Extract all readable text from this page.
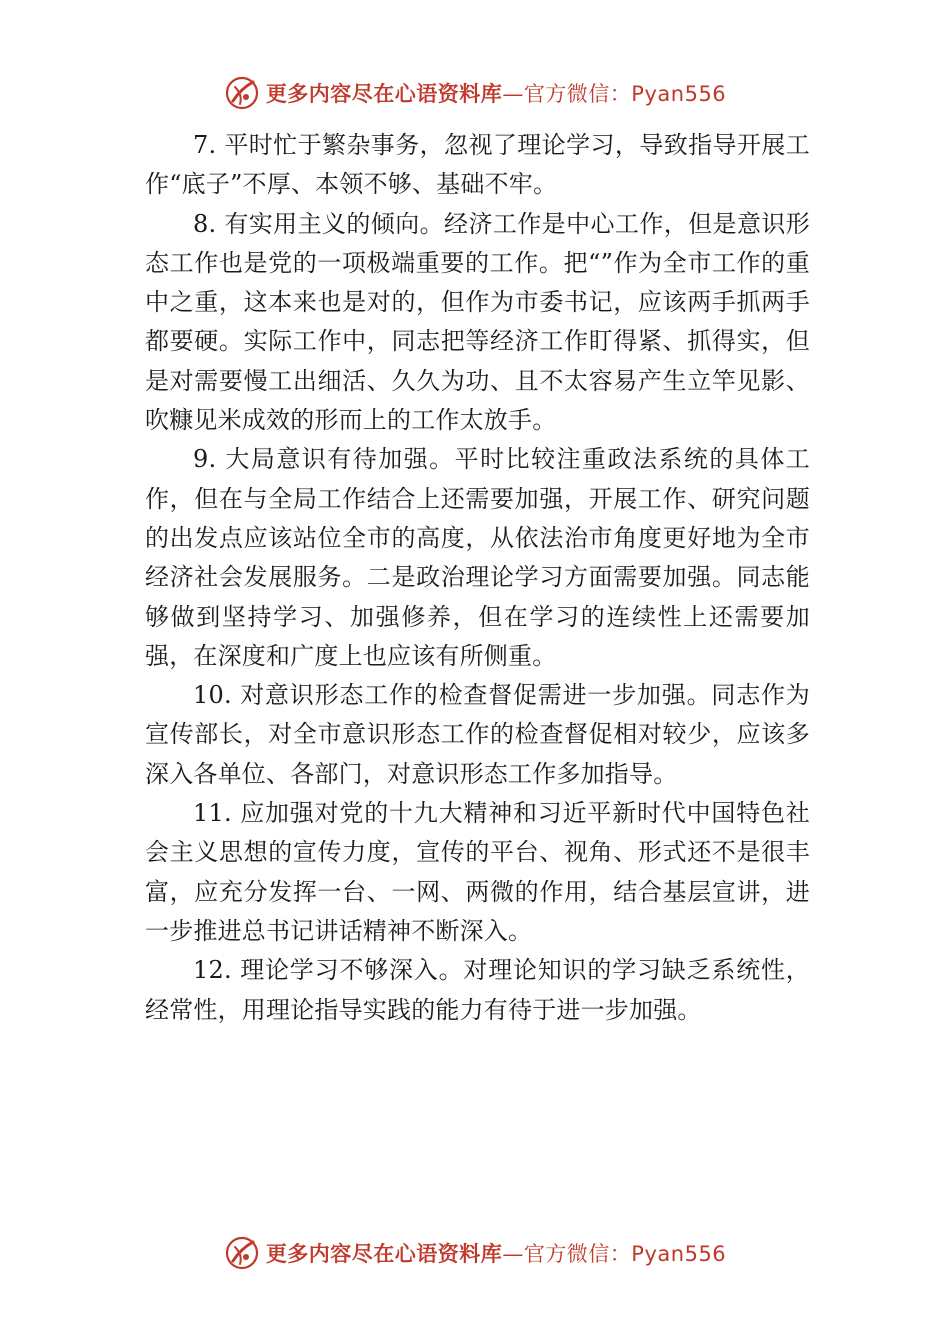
更多内容尽在心语资料库—官方微信：Pyan556

7. 平时忙于繁杂事务，忽视了理论学习，导致指导开展工作“底子”不厚、本领不够、基础不牢。

8. 有实用主义的倾向。经济工作是中心工作，但是意识形态工作也是党的一项极端重要的工作。把“”作为全市工作的重中之重，这本来也是对的，但作为市委书记，应该两手抓两手都要硬。实际工作中，同志把等经济工作盯得紧、抓得实，但是对需要慢工出细活、久久为功、且不太容易产生立竿见影、吹糠见米成效的形而上的工作太放手。

9. 大局意识有待加强。平时比较注重政法系统的具体工作，但在与全局工作结合上还需要加强，开展工作、研究问题的出发点应该站位全市的高度，从依法治市角度更好地为全市经济社会发展服务。二是政治理论学习方面需要加强。同志能够做到坚持学习、加强修养，但在学习的连续性上还需要加强，在深度和广度上也应该有所侧重。

10. 对意识形态工作的检查督促需进一步加强。同志作为宣传部长，对全市意识形态工作的检查督促相对较少，应该多深入各单位、各部门，对意识形态工作多加指导。

11. 应加强对党的十九大精神和习近平新时代中国特色社会主义思想的宣传力度，宣传的平台、视角、形式还不是很丰富，应充分发挥一台、一网、两微的作用，结合基层宣讲，进一步推进总书记讲话精神不断深入。

12. 理论学习不够深入。对理论知识的学习缺乏系统性，经常性，用理论指导实践的能力有待于进一步加强。

更多内容尽在心语资料库—官方微信：Pyan556
